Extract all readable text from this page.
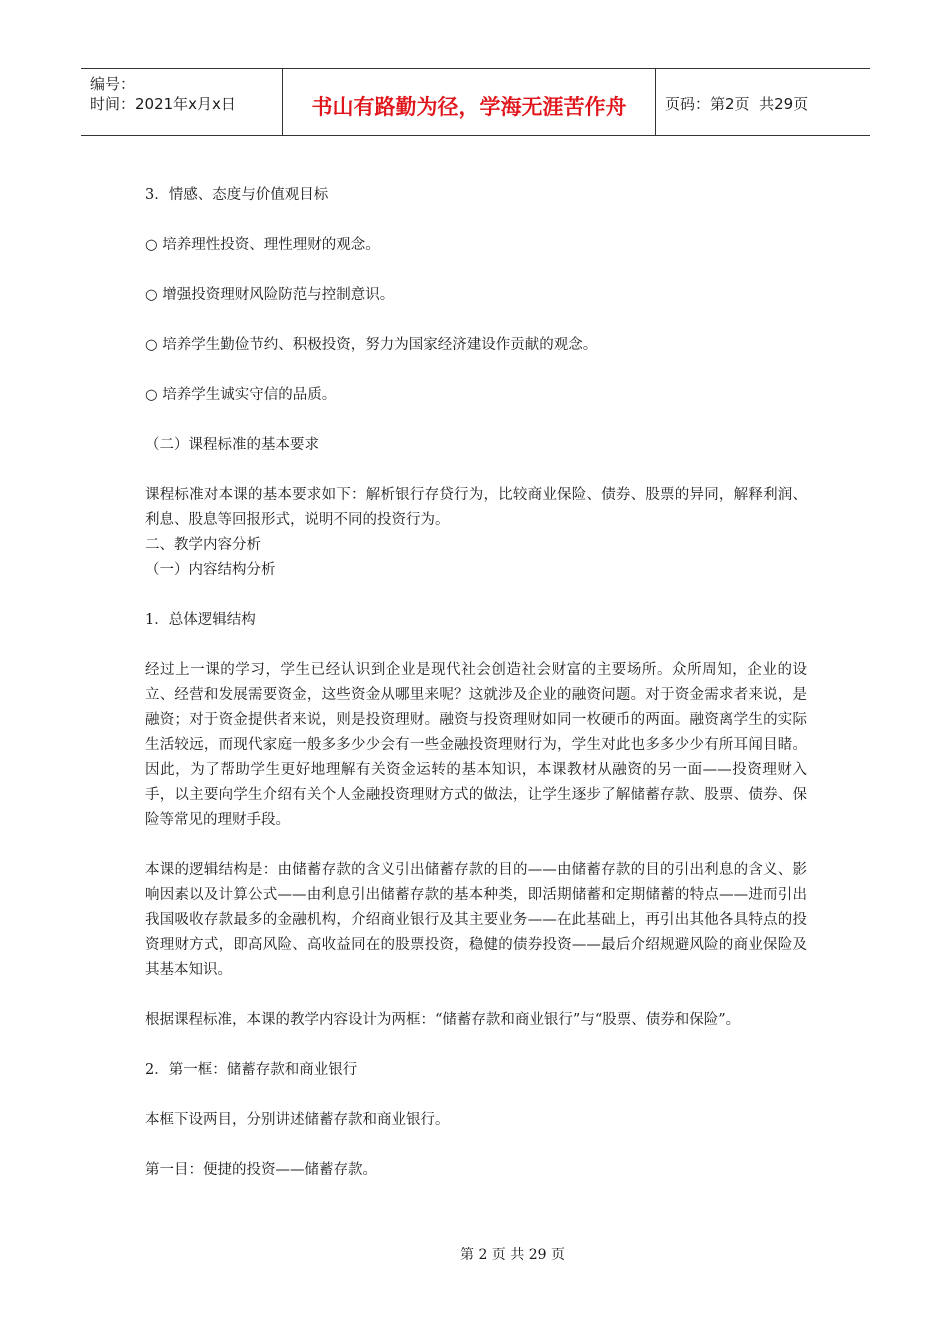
编号：
时间：2021年x月x日	书山有路勤为径，学海无涯苦作舟	页码：第2页  共29页

3．情感、态度与价值观目标

○ 培养理性投资、理性理财的观念。

○ 增强投资理财风险防范与控制意识。

○ 培养学生勤俭节约、积极投资，努力为国家经济建设作贡献的观念。

○ 培养学生诚实守信的品质。

（二）课程标准的基本要求

课程标准对本课的基本要求如下：解析银行存贷行为，比较商业保险、债券、股票的异同，解释利润、利息、股息等回报形式，说明不同的投资行为。

二、教学内容分析

（一）内容结构分析

1．总体逻辑结构

经过上一课的学习，学生已经认识到企业是现代社会创造社会财富的主要场所。众所周知，企业的设立、经营和发展需要资金，这些资金从哪里来呢？这就涉及企业的融资问题。对于资金需求者来说，是融资；对于资金提供者来说，则是投资理财。融资与投资理财如同一枚硬币的两面。融资离学生的实际生活较远，而现代家庭一般多多少少会有一些金融投资理财行为，学生对此也多多少少有所耳闻目睹。因此，为了帮助学生更好地理解有关资金运转的基本知识，本课教材从融资的另一面——投资理财入手，以主要向学生介绍有关个人金融投资理财方式的做法，让学生逐步了解储蓄存款、股票、债券、保险等常见的理财手段。

本课的逻辑结构是：由储蓄存款的含义引出储蓄存款的目的——由储蓄存款的目的引出利息的含义、影响因素以及计算公式——由利息引出储蓄存款的基本种类，即活期储蓄和定期储蓄的特点——进而引出我国吸收存款最多的金融机构，介绍商业银行及其主要业务——在此基础上，再引出其他各具特点的投资理财方式，即高风险、高收益同在的股票投资，稳健的债券投资——最后介绍规避风险的商业保险及其基本知识。

根据课程标准，本课的教学内容设计为两框：“储蓄存款和商业银行”与“股票、债券和保险”。

2．第一框：储蓄存款和商业银行

本框下设两目，分别讲述储蓄存款和商业银行。

第一目：便捷的投资——储蓄存款。

第 2 页 共 29 页
